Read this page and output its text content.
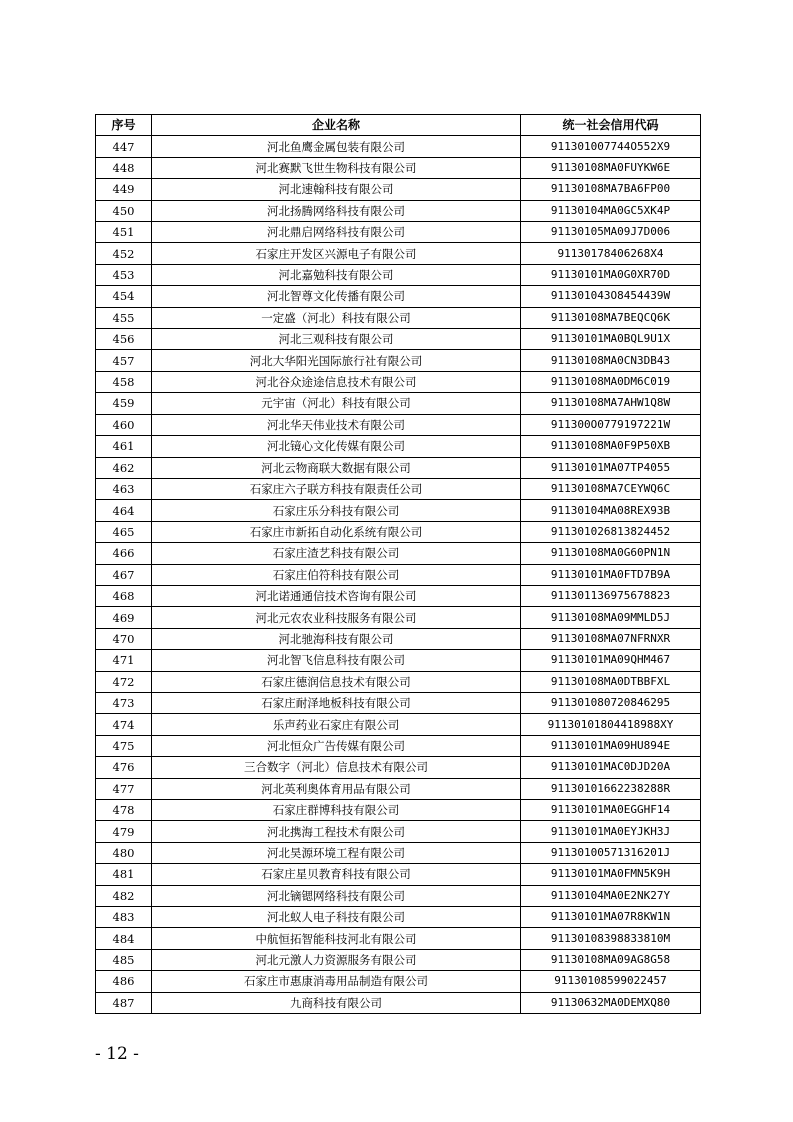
序号	企业名称	统一社会信用代码
447	河北鱼鹰金属包装有限公司	911301007744O552X9
448	河北赛默飞世生物科技有限公司	91130108MA0FUYKW6E
449	河北速翰科技有限公司	91130108MA7BA6FP00
450	河北扬腾网络科技有限公司	91130104MA0GC5XK4P
451	河北鼎启网络科技有限公司	91130105MA09J7D006
452	石家庄开发区兴源电子有限公司	91130178406268X4
453	河北嘉勉科技有限公司	91130101MA0G0XR70D
454	河北智尊文化传播有限公司	911301043O8454439W
455	一定盛（河北）科技有限公司	91130108MA7BEQCQ6K
456	河北三观科技有限公司	91130101MA0BQL9U1X
457	河北大华阳光国际旅行社有限公司	91130108MA0CN3DB43
458	河北谷众途途信息技术有限公司	91130108MA0DM6C019
459	元宇宙（河北）科技有限公司	91130108MA7AHW1Q8W
460	河北华天伟业技术有限公司	911300O0779197221W
461	河北镜心文化传媒有限公司	91130108MA0F9P50XB
462	河北云物商联大数据有限公司	91130101MA07TP4055
463	石家庄六子联方科技有限责任公司	91130108MA7CEYWQ6C
464	石家庄乐分科技有限公司	91130104MA08REX93B
465	石家庄市新拓自动化系统有限公司	911301026813824452
466	石家庄渣艺科技有限公司	91130108MA0G60PN1N
467	石家庄伯符科技有限公司	91130101MA0FTD7B9A
468	河北诺通通信技术咨询有限公司	911301136975678823
469	河北元农农业科技服务有限公司	91130108MA09MMLD5J
470	河北驰海科技有限公司	91130108MA07NFRNXR
471	河北智飞信息科技有限公司	91130101MA09QHM467
472	石家庄德润信息技术有限公司	91130108MA0DTBBFXL
473	石家庄耐泽地板科技有限公司	911301080720846295
474	乐声药业石家庄有限公司	91130101804418988XY
475	河北恒众广告传媒有限公司	91130101MA09HU894E
476	三合数字（河北）信息技术有限公司	91130101MAC0DJD20A
477	河北英利奥体育用品有限公司	91130101662238288R
478	石家庄群博科技有限公司	91130101MA0EGGHF14
479	河北携海工程技术有限公司	91130101MA0EYJKH3J
480	河北昊源环境工程有限公司	91130100571316201J
481	石家庄星贝教育科技有限公司	91130101MA0FMN5K9H
482	河北镝锶网络科技有限公司	91130104MA0E2NK27Y
483	河北蚁人电子科技有限公司	91130101MA07R8KW1N
484	中航恒拓智能科技河北有限公司	91130108398833810M
485	河北元激人力资源服务有限公司	91130108MA09AG8G58
486	石家庄市惠康消毒用品制造有限公司	91130108599022457
487	九商科技有限公司	91130632MA0DEMXQ80
- 12 -
